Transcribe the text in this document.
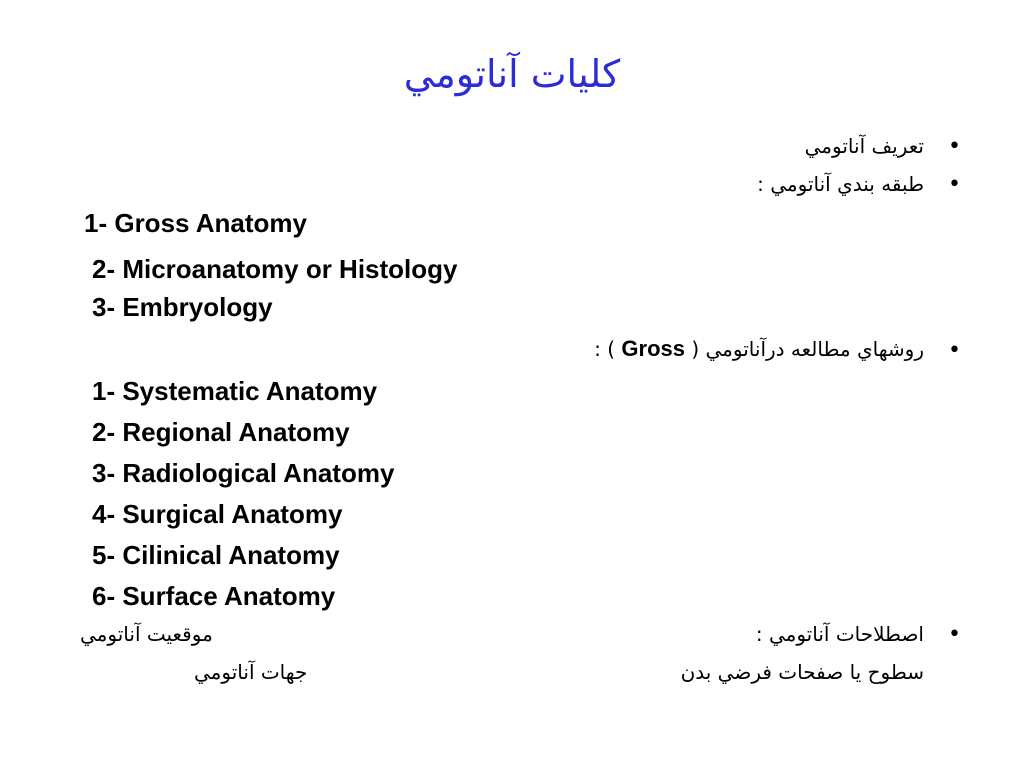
كليات آناتومي
•
تعريف آناتومي
•
طبقه بندي آناتومي :
1- Gross Anatomy
2- Microanatomy or Histology
3- Embryology
•
روشهاي مطالعه درآناتومي ( Gross ) :
1- Systematic Anatomy
2- Regional Anatomy
3- Radiological Anatomy
4- Surgical Anatomy
5- Cilinical Anatomy
6- Surface Anatomy
•
اصطلاحات آناتومي :
موقعيت آناتومي
سطوح يا صفحات فرضي بدن
جهات آناتومي
